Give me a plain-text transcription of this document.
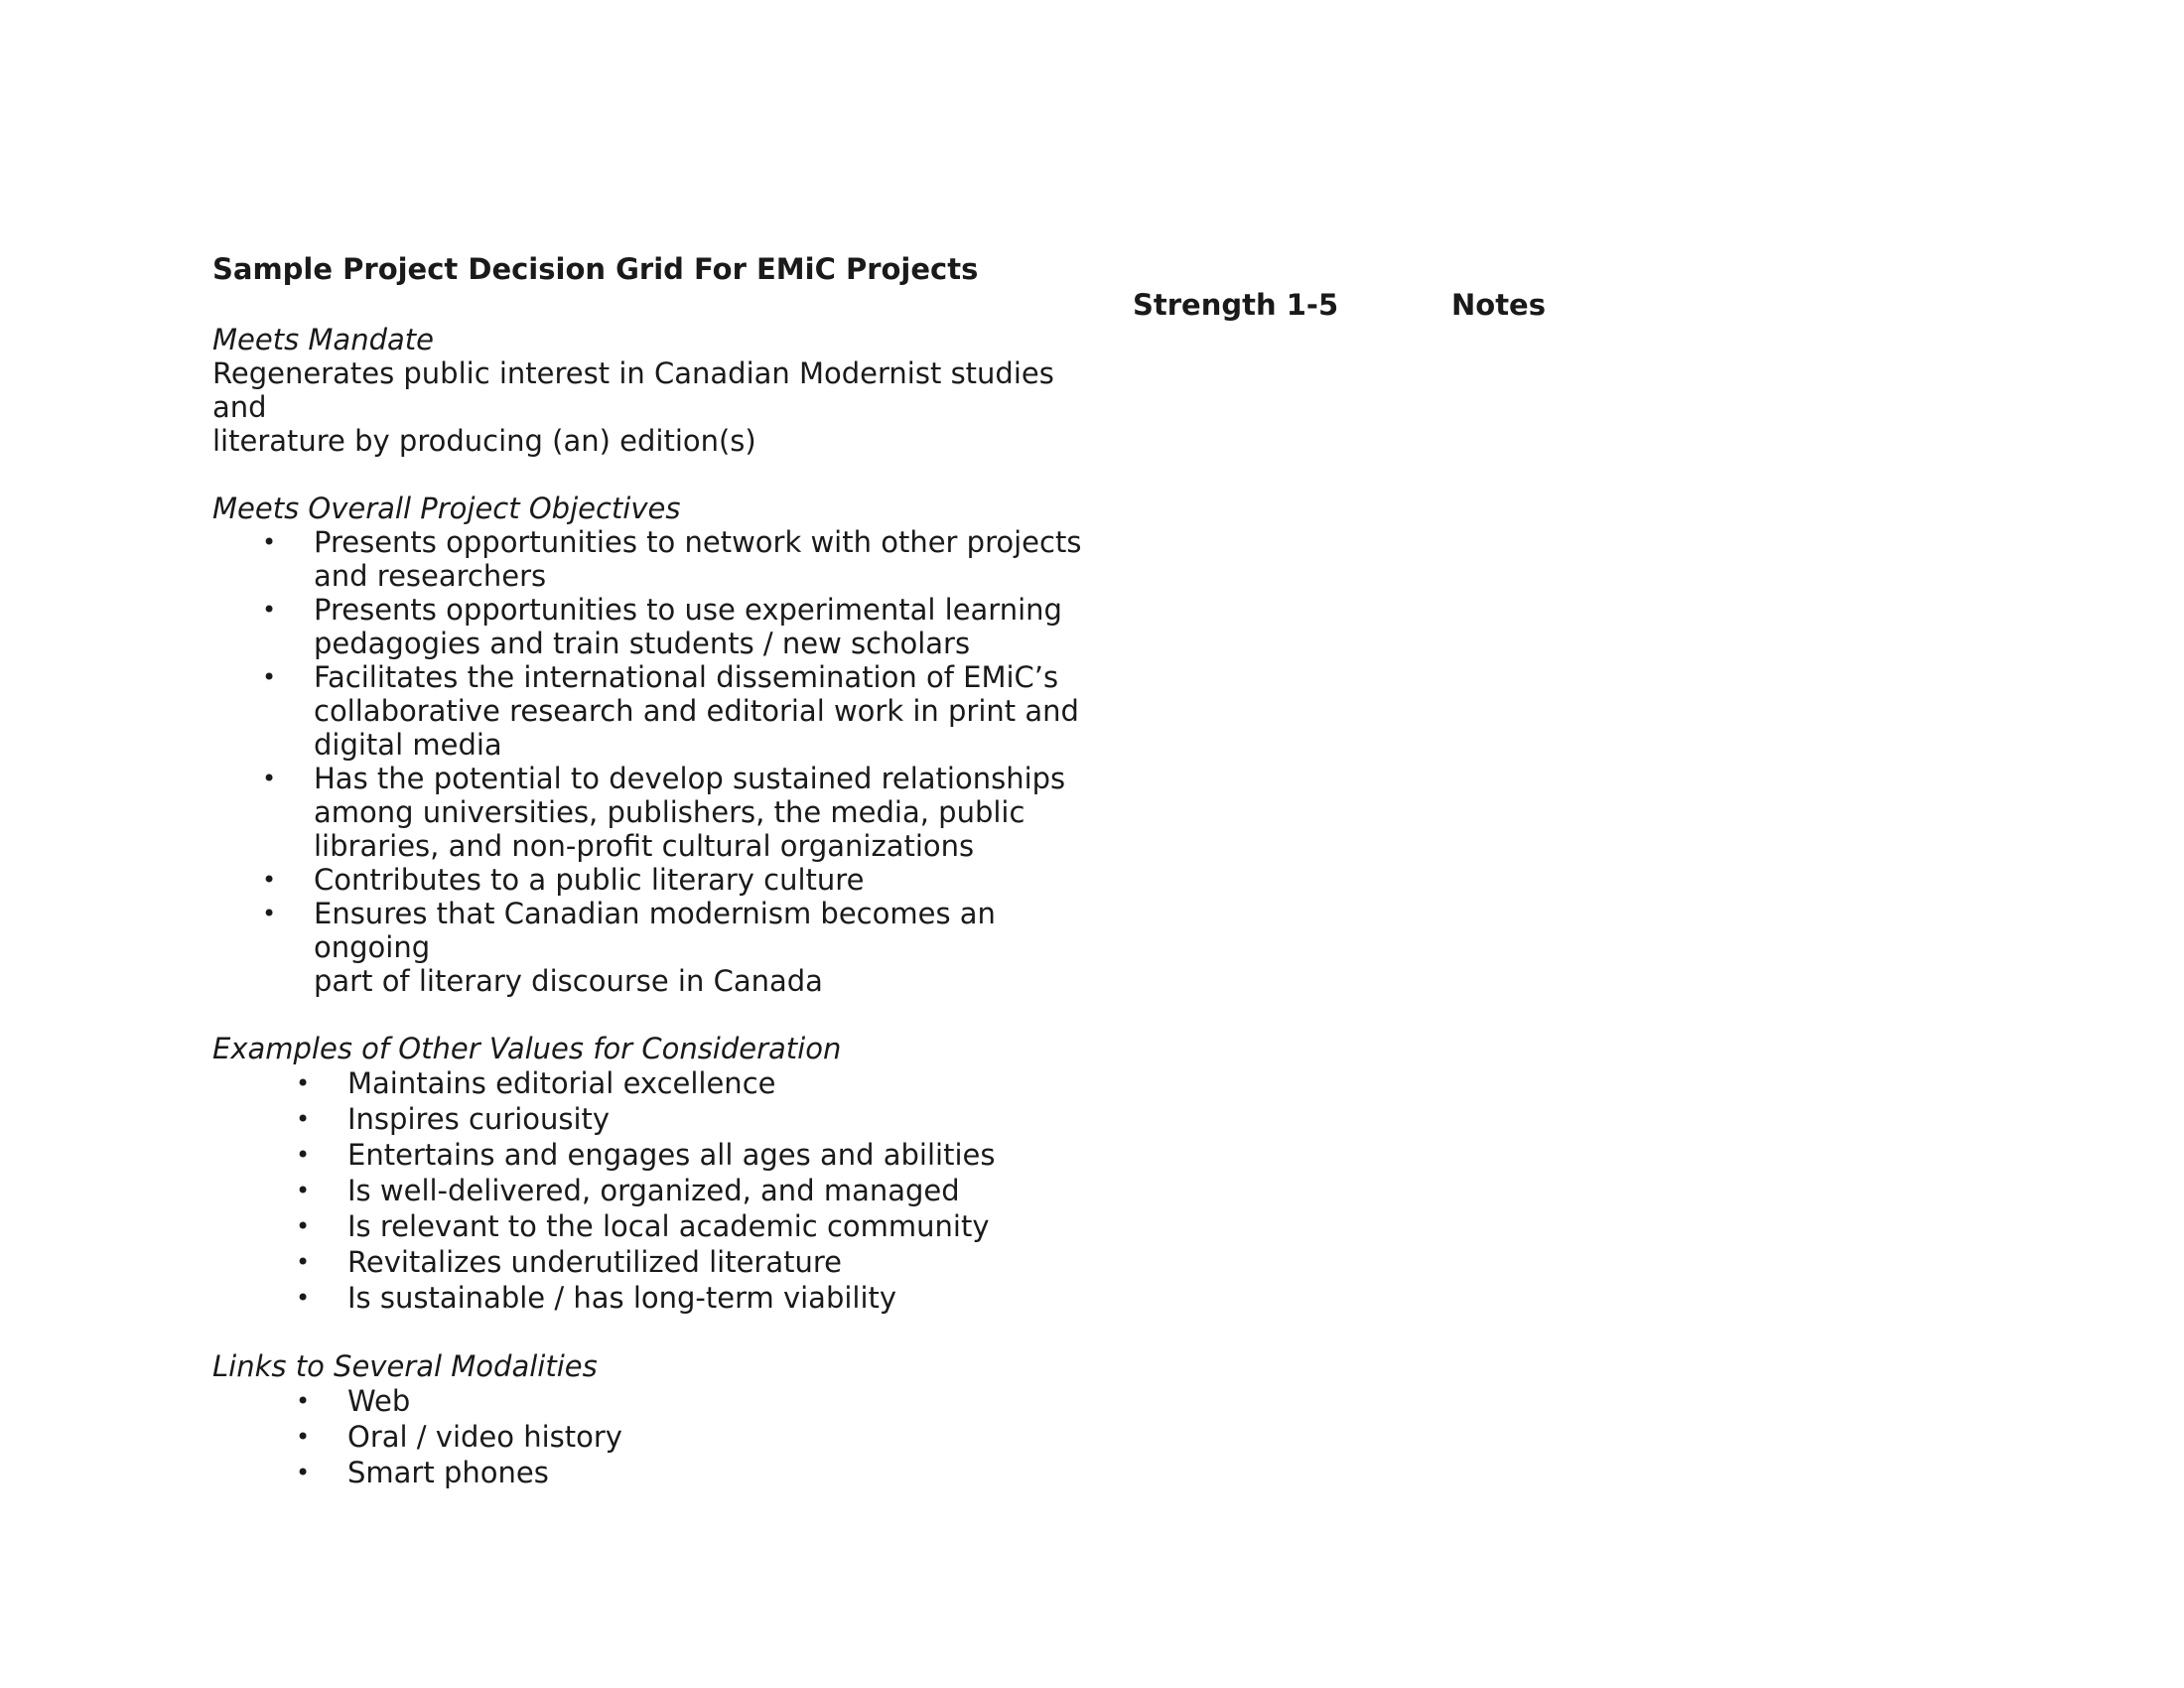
Sample Project Decision Grid For EMiC Projects
Strength 1-5	Notes

Meets Mandate

Regenerates public interest in Canadian Modernist studies and

literature by producing (an) edition(s)

Meets Overall Project Objectives

• Presents opportunities to network with other projects
and researchers
• Presents opportunities to use experimental learning
pedagogies and train students / new scholars
• Facilitates the international dissemination of EMiC’s
collaborative research and editorial work in print and
digital media
• Has the potential to develop sustained relationships
among universities, publishers, the media, public
libraries, and non-profit cultural organizations
• Contributes to a public literary culture
• Ensures that Canadian modernism becomes an ongoing
part of literary discourse in Canada

Examples of Other Values for Consideration

• Maintains editorial excellence
• Inspires curiousity
• Entertains and engages all ages and abilities
• Is well-delivered, organized, and managed
• Is relevant to the local academic community
• Revitalizes underutilized literature
• Is sustainable / has long-term viability

Links to Several Modalities

• Web
• Oral / video history
• Smart phones
